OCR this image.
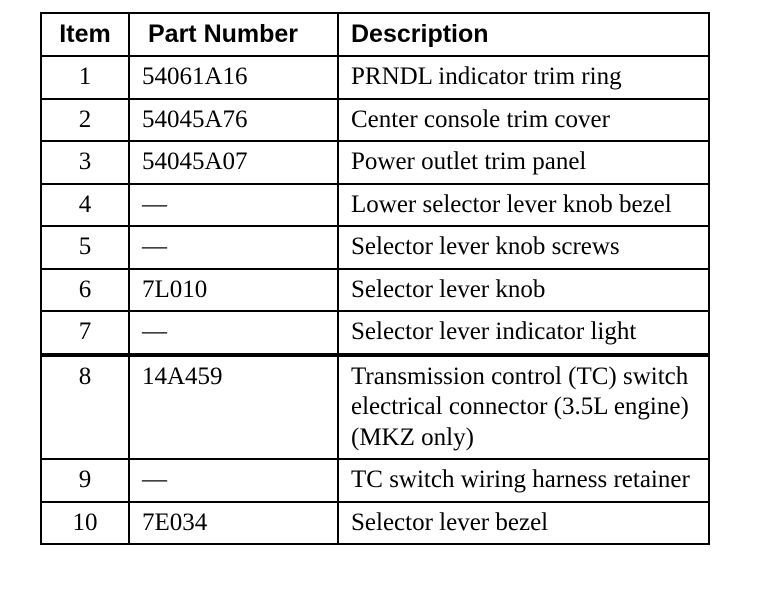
Item	Part Number	Description
1	54061A16	PRNDL indicator trim ring
2	54045A76	Center console trim cover
3	54045A07	Power outlet trim panel
4	—	Lower selector lever knob bezel
5	—	Selector lever knob screws
6	7L010	Selector lever knob
7	—	Selector lever indicator light
8	14A459	Transmission control (TC) switch electrical connector (3.5L engine) (MKZ only)
9	—	TC switch wiring harness retainer
10	7E034	Selector lever bezel
